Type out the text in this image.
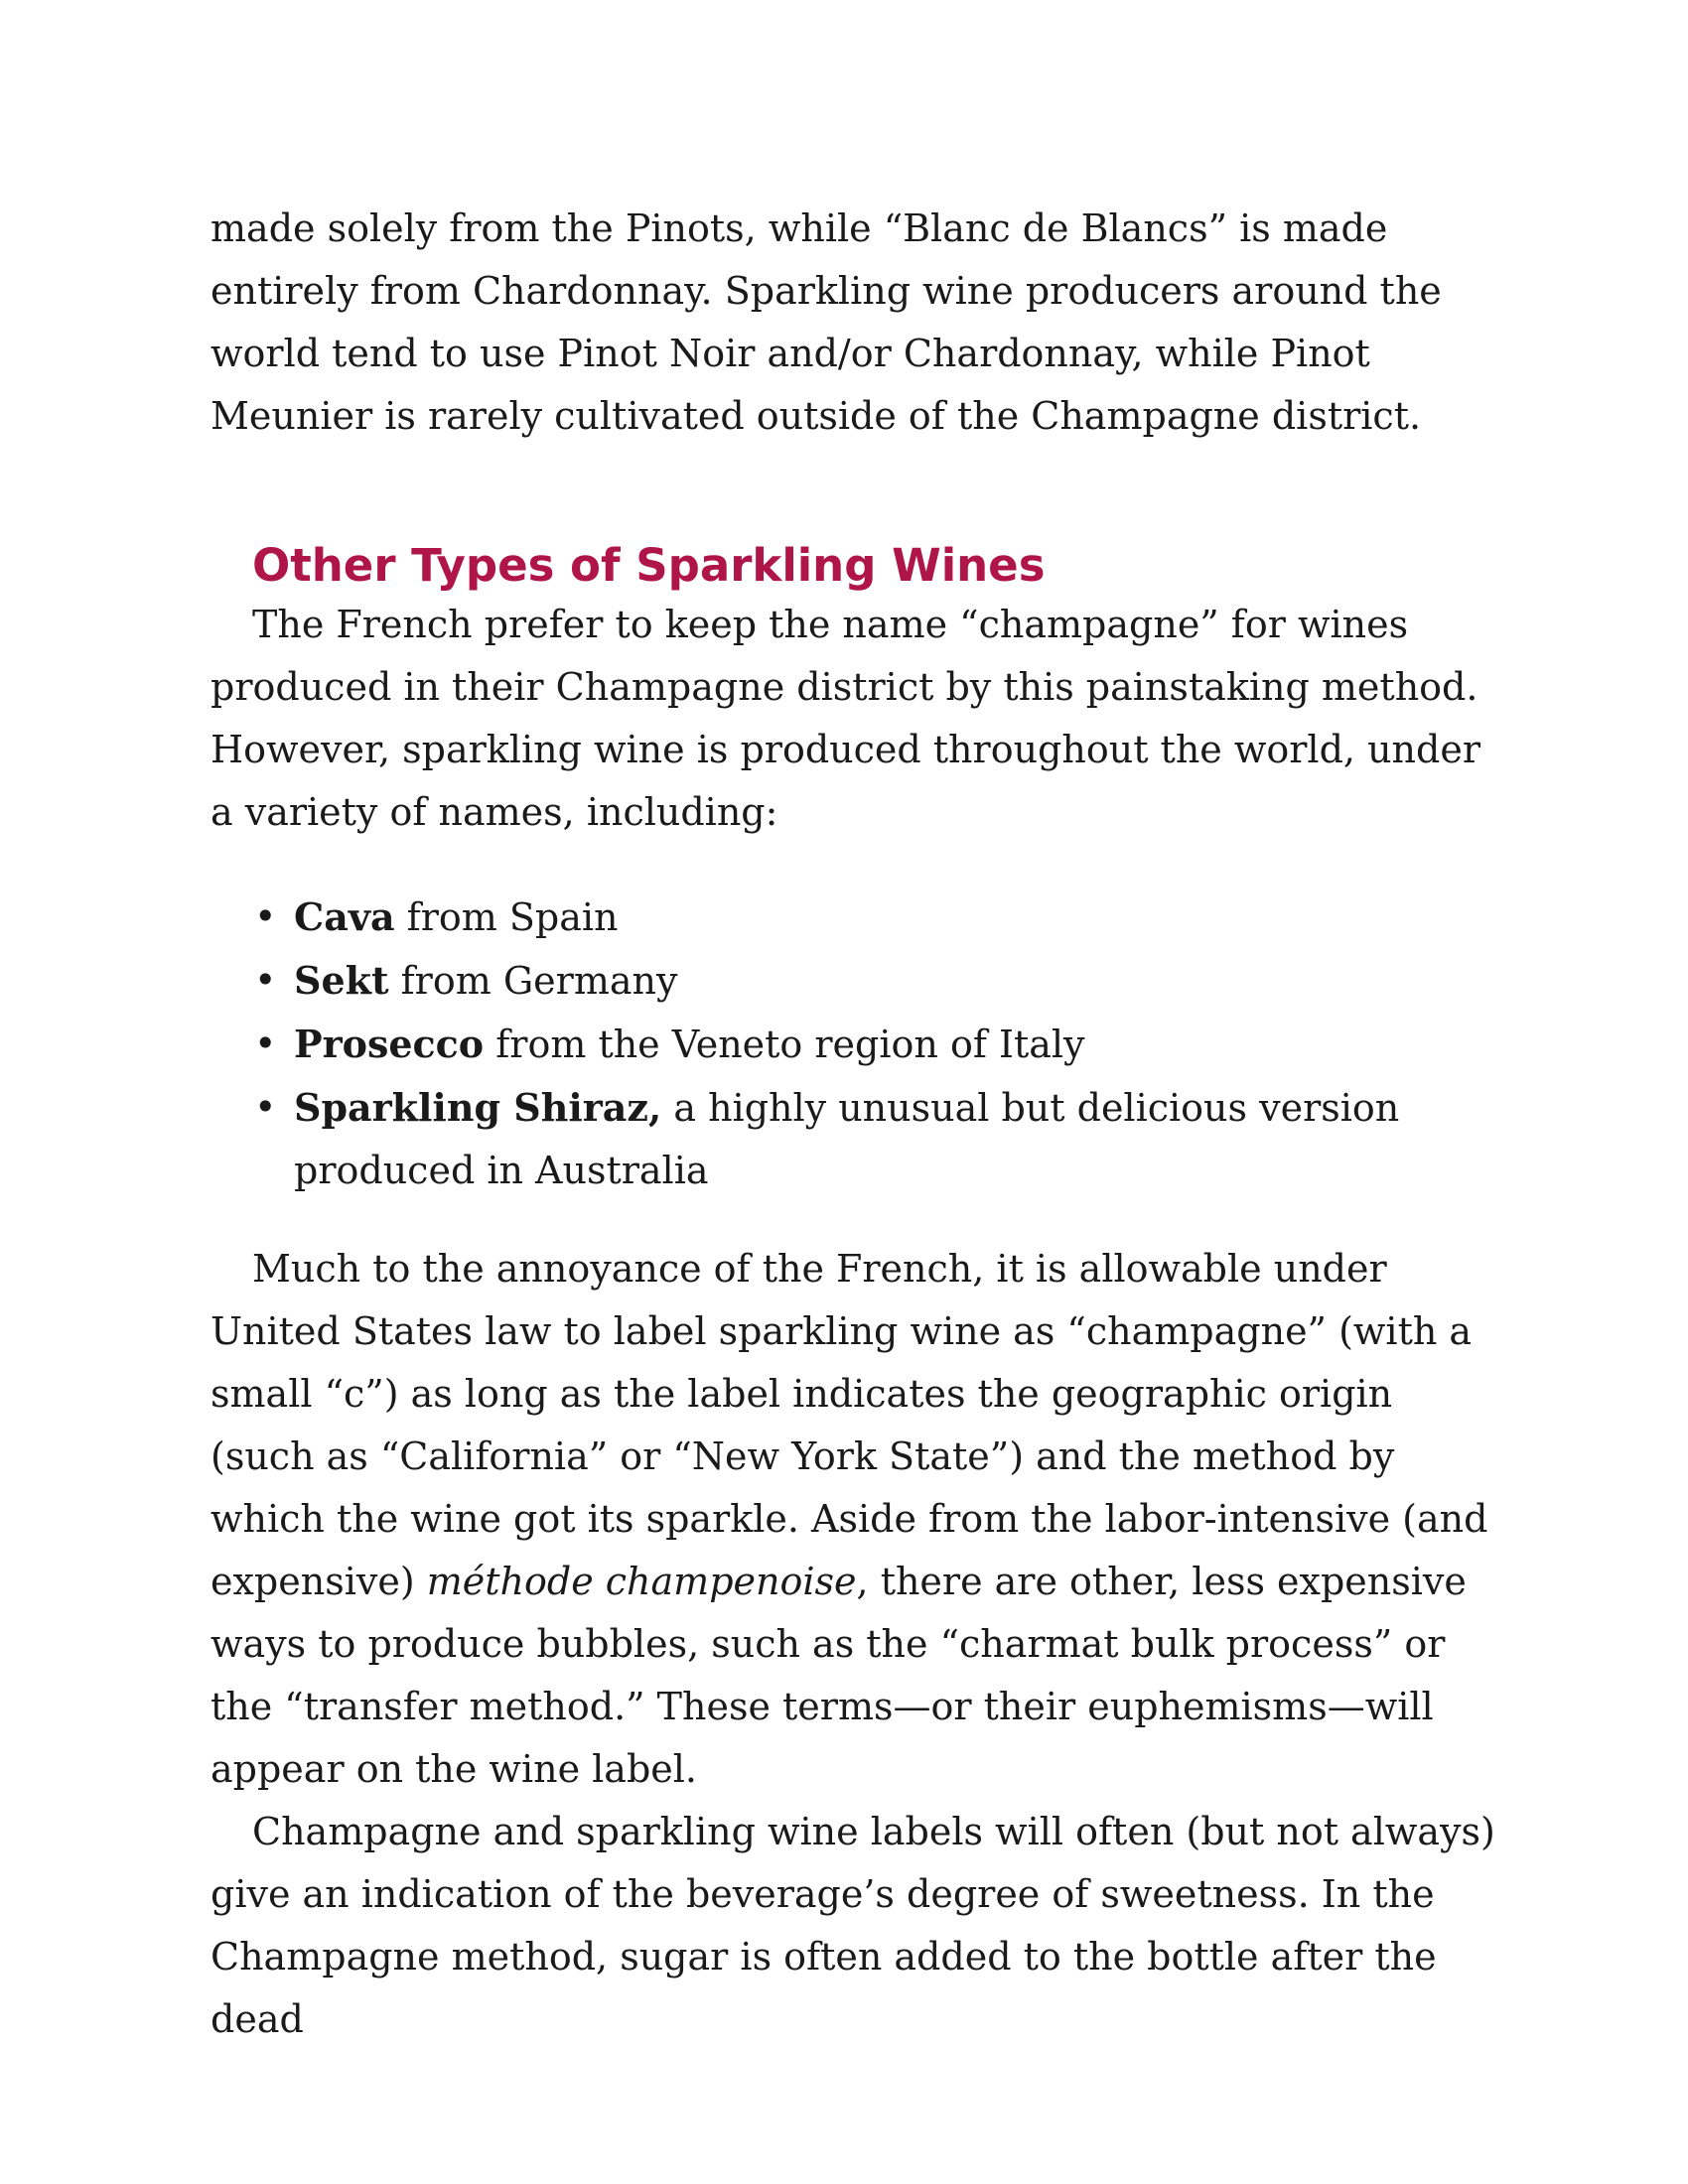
made solely from the Pinots, while “Blanc de Blancs” is made entirely from Chardonnay. Sparkling wine producers around the world tend to use Pinot Noir and/or Chardonnay, while Pinot Meunier is rarely cultivated outside of the Champagne district.

Other Types of Sparkling Wines

The French prefer to keep the name “champagne” for wines produced in their Champagne district by this painstaking method. However, sparkling wine is produced throughout the world, under a variety of names, including:

• Cava from Spain
• Sekt from Germany
• Prosecco from the Veneto region of Italy
• Sparkling Shiraz, a highly unusual but delicious version produced in Australia

Much to the annoyance of the French, it is allowable under United States law to label sparkling wine as “champagne” (with a small “c”) as long as the label indicates the geographic origin (such as “California” or “New York State”) and the method by which the wine got its sparkle. Aside from the labor-intensive (and expensive) méthode champenoise, there are other, less expensive ways to produce bubbles, such as the “charmat bulk process” or the “transfer method.” These terms—or their euphemisms—will appear on the wine label.

Champagne and sparkling wine labels will often (but not always) give an indication of the beverage’s degree of sweetness. In the Champagne method, sugar is often added to the bottle after the dead
